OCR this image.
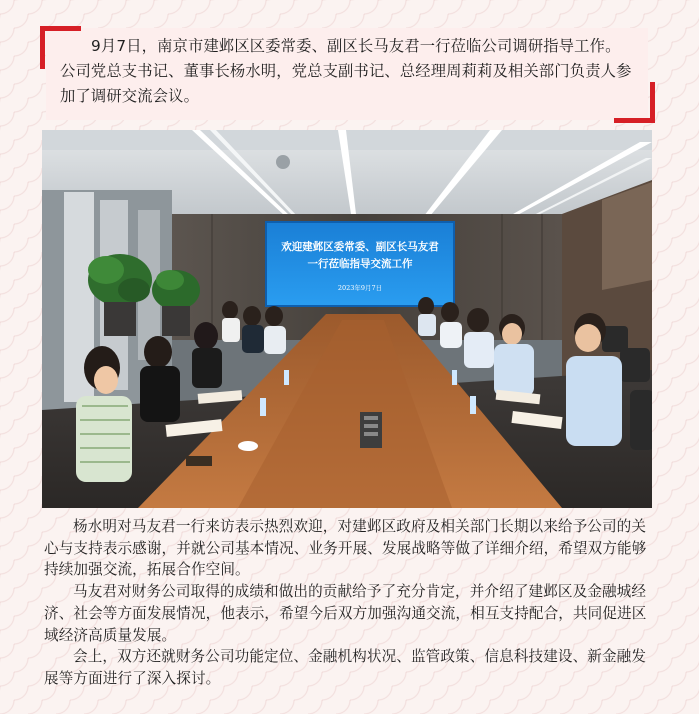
9月7日，南京市建邺区区委常委、副区长马友君一行莅临公司调研指导工作。公司党总支书记、董事长杨水明，党总支副书记、总经理周莉莉及相关部门负责人参加了调研交流会议。

欢迎建邺区委常委、副区长马友君
一行莅临指导交流工作
2023年9月7日

杨水明对马友君一行来访表示热烈欢迎，对建邺区政府及相关部门长期以来给予公司的关心与支持表示感谢，并就公司基本情况、业务开展、发展战略等做了详细介绍，希望双方能够持续加强交流，拓展合作空间。

马友君对财务公司取得的成绩和做出的贡献给予了充分肯定，并介绍了建邺区及金融城经济、社会等方面发展情况，他表示，希望今后双方加强沟通交流，相互支持配合，共同促进区域经济高质量发展。

会上，双方还就财务公司功能定位、金融机构状况、监管政策、信息科技建设、新金融发展等方面进行了深入探讨。
